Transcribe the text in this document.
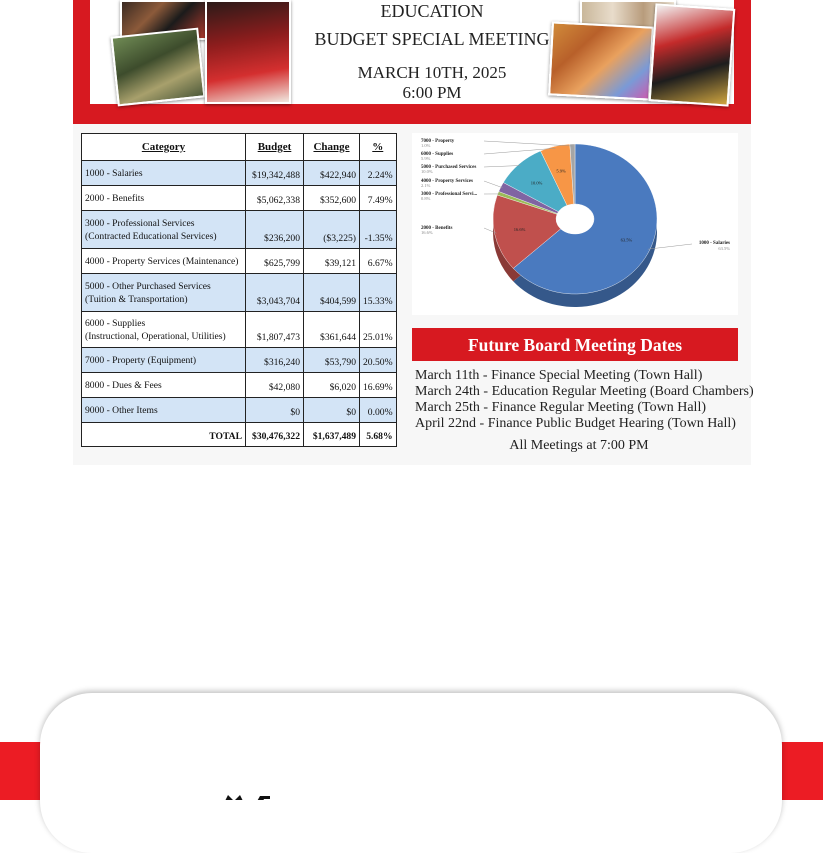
EDUCATION
BUDGET SPECIAL MEETING
MARCH 10TH, 2025
6:00 PM
Category	Budget	Change	%
1000 - Salaries	$19,342,488	$422,940	2.24%
2000 - Benefits	$5,062,338	$352,600	7.49%
3000 - Professional Services
(Contracted Educational Services)	$236,200	($3,225)	-1.35%
4000 - Property Services (Maintenance)	$625,799	$39,121	6.67%
5000 - Other Purchased Services
(Tuition & Transportation)	$3,043,704	$404,599	15.33%
6000 - Supplies
(Instructional, Operational, Utilities)	$1,807,473	$361,644	25.01%
7000 - Property (Equipment)	$316,240	$53,790	20.50%
8000 - Dues & Fees	$42,080	$6,020	16.69%
9000 - Other Items	$0	$0	0.00%
TOTAL	$30,476,322	$1,637,489	5.68%
63.5%
16.6%
10.0%
5.9%
7000 - Property
1.0%
6000 - Supplies
5.9%
5000 - Purchased Services
10.0%
4000 - Property Services
2.1%
3000 - Professional Servi...
0.8%
2000 - Benefits
16.6%
1000 - Salaries
63.5%
Future Board Meeting Dates
March 11th - Finance Special Meeting (Town Hall)
March 24th - Education Regular Meeting (Board Chambers)
March 25th - Finance Regular Meeting (Town Hall)
April 22nd - Finance Public Budget Hearing (Town Hall)
All Meetings at 7:00 PM
